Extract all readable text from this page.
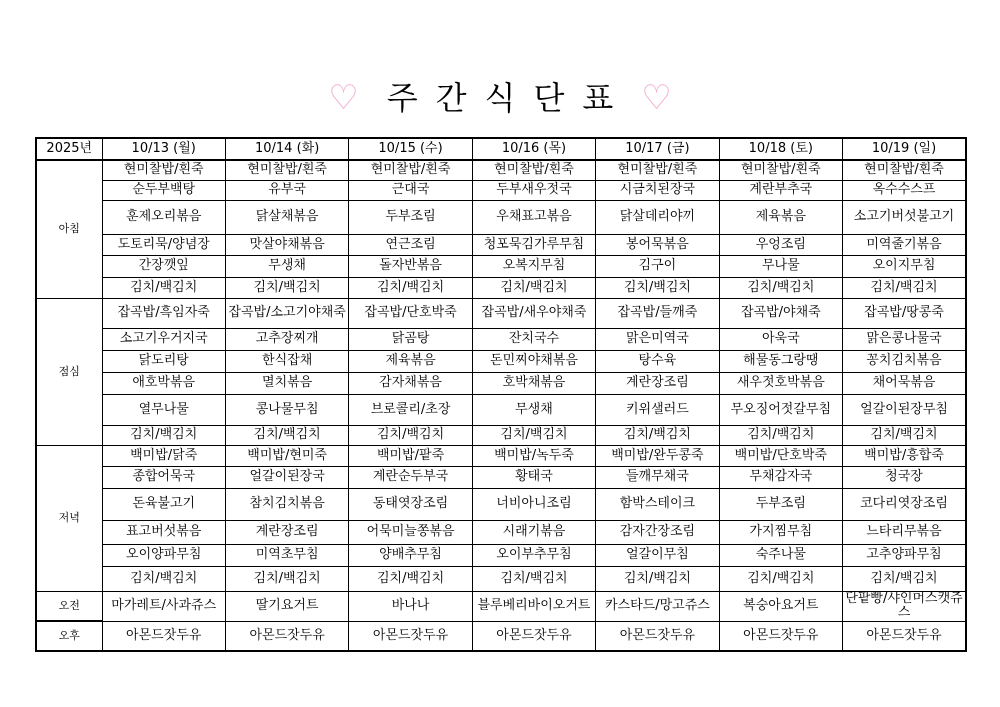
♡ 주간식단표 ♡
2025년	10/13 (월)	10/14 (화)	10/15 (수)	10/16 (목)	10/17 (금)	10/18 (토)	10/19 (일)
아침	현미찰밥/흰죽	현미찰밥/흰죽	현미찰밥/흰죽	현미찰밥/흰죽	현미찰밥/흰죽	현미찰밥/흰죽	현미찰밥/흰죽
	순두부백탕	유부국	근대국	두부새우젓국	시금치된장국	계란부추국	옥수수스프
	훈제오리볶음	닭살채볶음	두부조림	우채표고볶음	닭살데리야끼	제육볶음	소고기버섯불고기
	도토리묵/양념장	맛살야채볶음	연근조림	청포묵김가루무침	봉어묵볶음	우엉조림	미역줄기볶음
	간장깻잎	무생채	돌자반볶음	오복지무침	김구이	무나물	오이지무침
	김치/백김치	김치/백김치	김치/백김치	김치/백김치	김치/백김치	김치/백김치	김치/백김치
점심	잡곡밥/흑임자죽	잡곡밥/소고기야채죽	잡곡밥/단호박죽	잡곡밥/새우야채죽	잡곡밥/들깨죽	잡곡밥/야채죽	잡곡밥/땅콩죽
	소고기우거지국	고추장찌개	닭곰탕	잔치국수	맑은미역국	아욱국	맑은콩나물국
	닭도리탕	한식잡채	제육볶음	돈민찌야채볶음	탕수육	해물동그랑땡	꽁치김치볶음
	애호박볶음	멸치볶음	감자채볶음	호박채볶음	계란장조림	새우젓호박볶음	채어묵볶음
	열무나물	콩나물무침	브로콜리/초장	무생채	키위샐러드	무오징어젓갈무침	얼갈이된장무침
	김치/백김치	김치/백김치	김치/백김치	김치/백김치	김치/백김치	김치/백김치	김치/백김치
저녁	백미밥/닭죽	백미밥/현미죽	백미밥/팥죽	백미밥/녹두죽	백미밥/완두콩죽	백미밥/단호박죽	백미밥/흥합죽
	종합어묵국	얼갈이된장국	계란순두부국	황태국	들깨무채국	무채감자국	청국장
	돈육불고기	참치김치볶음	동태엿장조림	너비아니조림	함박스테이크	두부조림	코다리엿장조림
	표고버섯볶음	계란장조림	어묵미늘쫑볶음	시래기볶음	감자간장조림	가지찜무침	느타리무볶음
	오이양파무침	미역초무침	양배추무침	오이부추무침	얼갈이무침	숙주나물	고추양파무침
	김치/백김치	김치/백김치	김치/백김치	김치/백김치	김치/백김치	김치/백김치	김치/백김치
오전	마가레트/사과쥬스	딸기요거트	바나나	블루베리바이오거트	카스타드/망고쥬스	복숭아요거트	단팥빵/샤인머스캣쥬스
오후	아몬드잣두유	아몬드잣두유	아몬드잣두유	아몬드잣두유	아몬드잣두유	아몬드잣두유	아몬드잣두유
